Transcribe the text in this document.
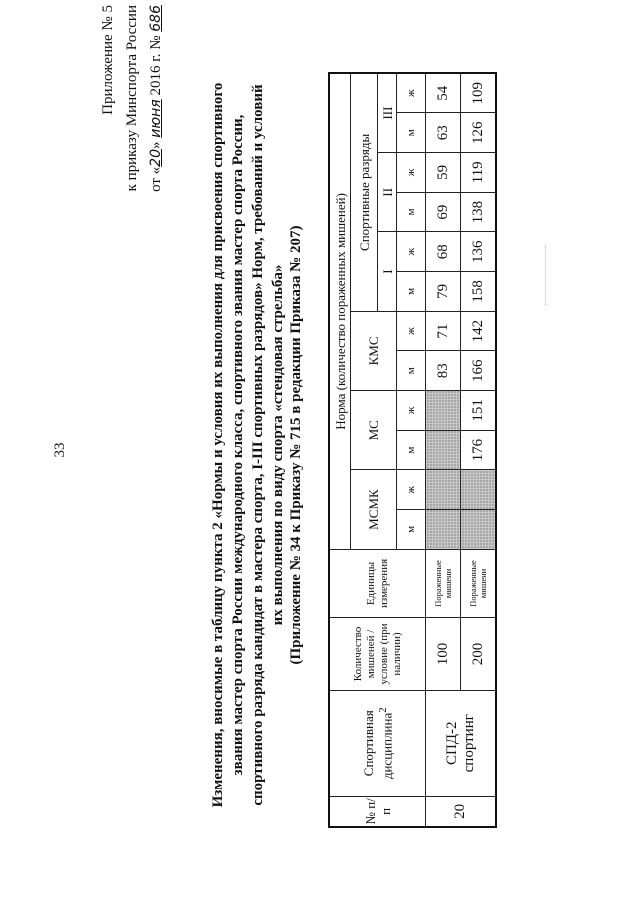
33
Приложение № 5 к приказу Минспорта России от «20» июня 2016 г. № 686
Изменения, вносимые в таблицу пункта 2 «Нормы и условия их выполнения для присвоения спортивного звания мастер спорта России международного класса, спортивного звания мастер спорта России, спортивного разряда кандидат в мастера спорта, I-III спортивных разрядов» Норм, требований и условий их выполнения по виду спорта «стендовая стрельба» (Приложение № 34 к Приказу № 715 в редакции Приказа № 207)
№ п/п	Спортивная дисциплина$^2$	Количество мишеней / условие (при наличии)	Единицы измерения	Норма (количество пораженных мишеней)											
				МСМК		МС		КМС		Спортивные разряды					
										I		II		III	
				м	ж	м	ж	м	ж	м	ж	м	ж	м	ж
20	СПД-2 спортинг	100	Пораженные мишени					83	71	79	68	69	59	63	54
		200	Пораженные мишени			176	151	166	142	158	136	138	119	126	109
